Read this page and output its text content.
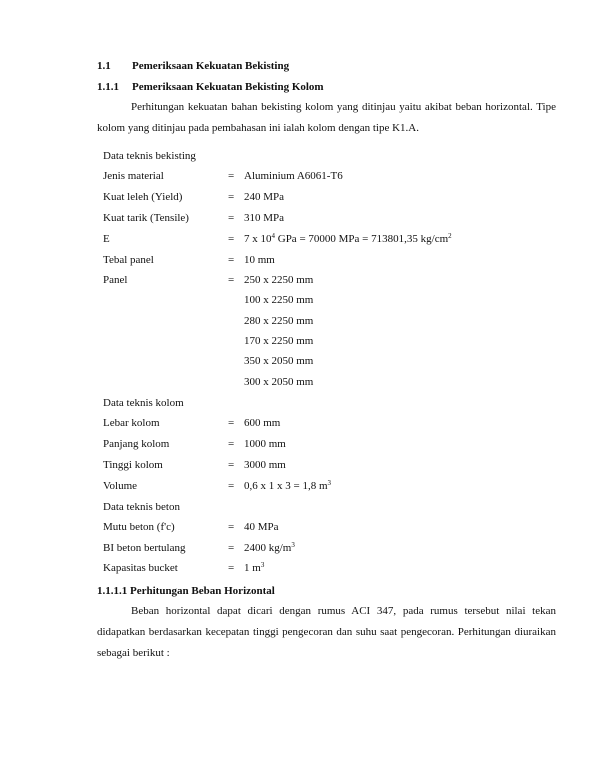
1.1 Pemeriksaan Kekuatan Bekisting
1.1.1 Pemeriksaan Kekuatan Bekisting Kolom

Perhitungan kekuatan bahan bekisting kolom yang ditinjau yaitu akibat beban horizontal. Tipe kolom yang ditinjau pada pembahasan ini ialah kolom dengan tipe K1.A.

Data teknis bekisting
Jenis material	= Aluminium A6061-T6
Kuat leleh (Yield)	= 240 MPa
Kuat tarik (Tensile)	= 310 MPa
E	= 7 x $10^4$ GPa = 70000 MPa = 713801,35 $kg/cm^2$
Tebal panel	= 10 mm
Panel	= 250 x 2250 mm
100 x 2250 mm
280 x 2250 mm
170 x 2250 mm
350 x 2050 mm
300 x 2050 mm
Data teknis kolom
Lebar kolom	= 600 mm
Panjang kolom	= 1000 mm
Tinggi kolom	= 3000 mm
Volume	= 0,6 x 1 x 3 = 1,8 $m^3$
Data teknis beton
Mutu beton (f'c)	= 40 MPa
BI beton bertulang	= 2400 $kg/m^3$
Kapasitas bucket	= 1 $m^3$
1.1.1.1 Perhitungan Beban Horizontal

Beban horizontal dapat dicari dengan rumus ACI 347, pada rumus tersebut nilai tekan didapatkan berdasarkan kecepatan tinggi pengecoran dan suhu saat pengecoran. Perhitungan diuraikan sebagai berikut :
